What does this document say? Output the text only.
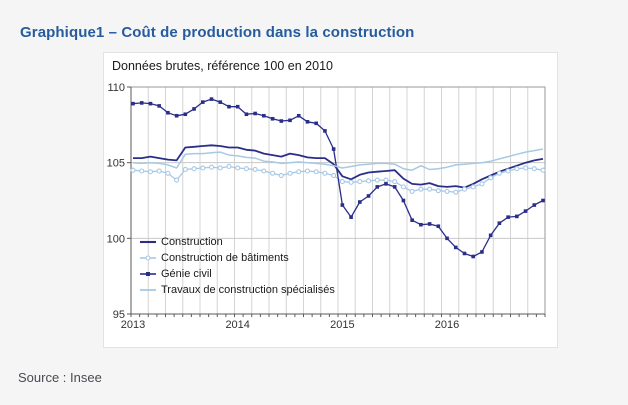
Graphique1 – Coût de production dans la construction
Données brutes, référence 100 en 2010
95
100
105
110
2013	2014	2015	2016
Construction
Construction de bâtiments
Génie civil
Travaux de construction spécialisés
Source : Insee
